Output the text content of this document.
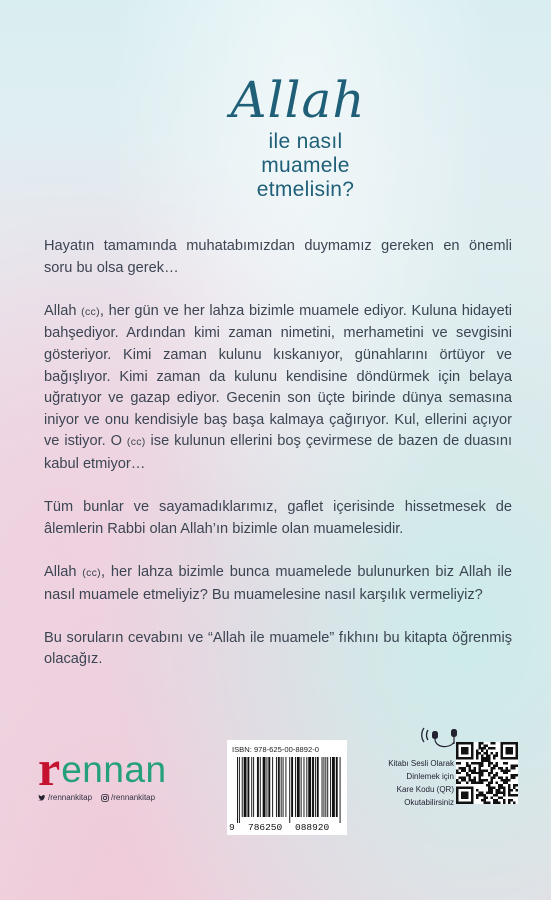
Allah
ile nasıl
muamele
etmelisin?

Hayatın tamamında muhatabımızdan duymamız gereken en önemli soru bu olsa gerek…

Allah (cc), her gün ve her lahza bizimle muamele ediyor. Kuluna hidayeti bahşediyor. Ardından kimi zaman nimetini, merhametini ve sevgisini gösteriyor. Kimi zaman kulunu kıskanıyor, günahlarını örtüyor ve bağışlıyor. Kimi zaman da kulunu kendisine döndürmek için belaya uğratıyor ve gazap ediyor. Gecenin son üçte birinde dünya semasına iniyor ve onu kendisiyle baş başa kalmaya çağırıyor. Kul, ellerini açıyor ve istiyor. O (cc) ise kulunun ellerini boş çevirmese de bazen de duasını kabul etmiyor…

Tüm bunlar ve sayamadıklarımız, gaflet içerisinde hissetmesek de âlemlerin Rabbi olan Allah’ın bizimle olan muamelesidir.

Allah (cc), her lahza bizimle bunca muamelede bulunurken biz Allah ile nasıl muamele etmeliyiz? Bu muamelesine nasıl karşılık vermeliyiz?

Bu soruların cevabını ve “Allah ile muamele” fıkhını bu kitapta öğrenmiş olacağız.

r ennan
/rennankitap /rennankitap
ISBN: 978-625-00-8892-0
9 786250 088920
Kitabı Sesli Olarak
Dinlemek için
Kare Kodu (QR)
Okutabilirsiniz
